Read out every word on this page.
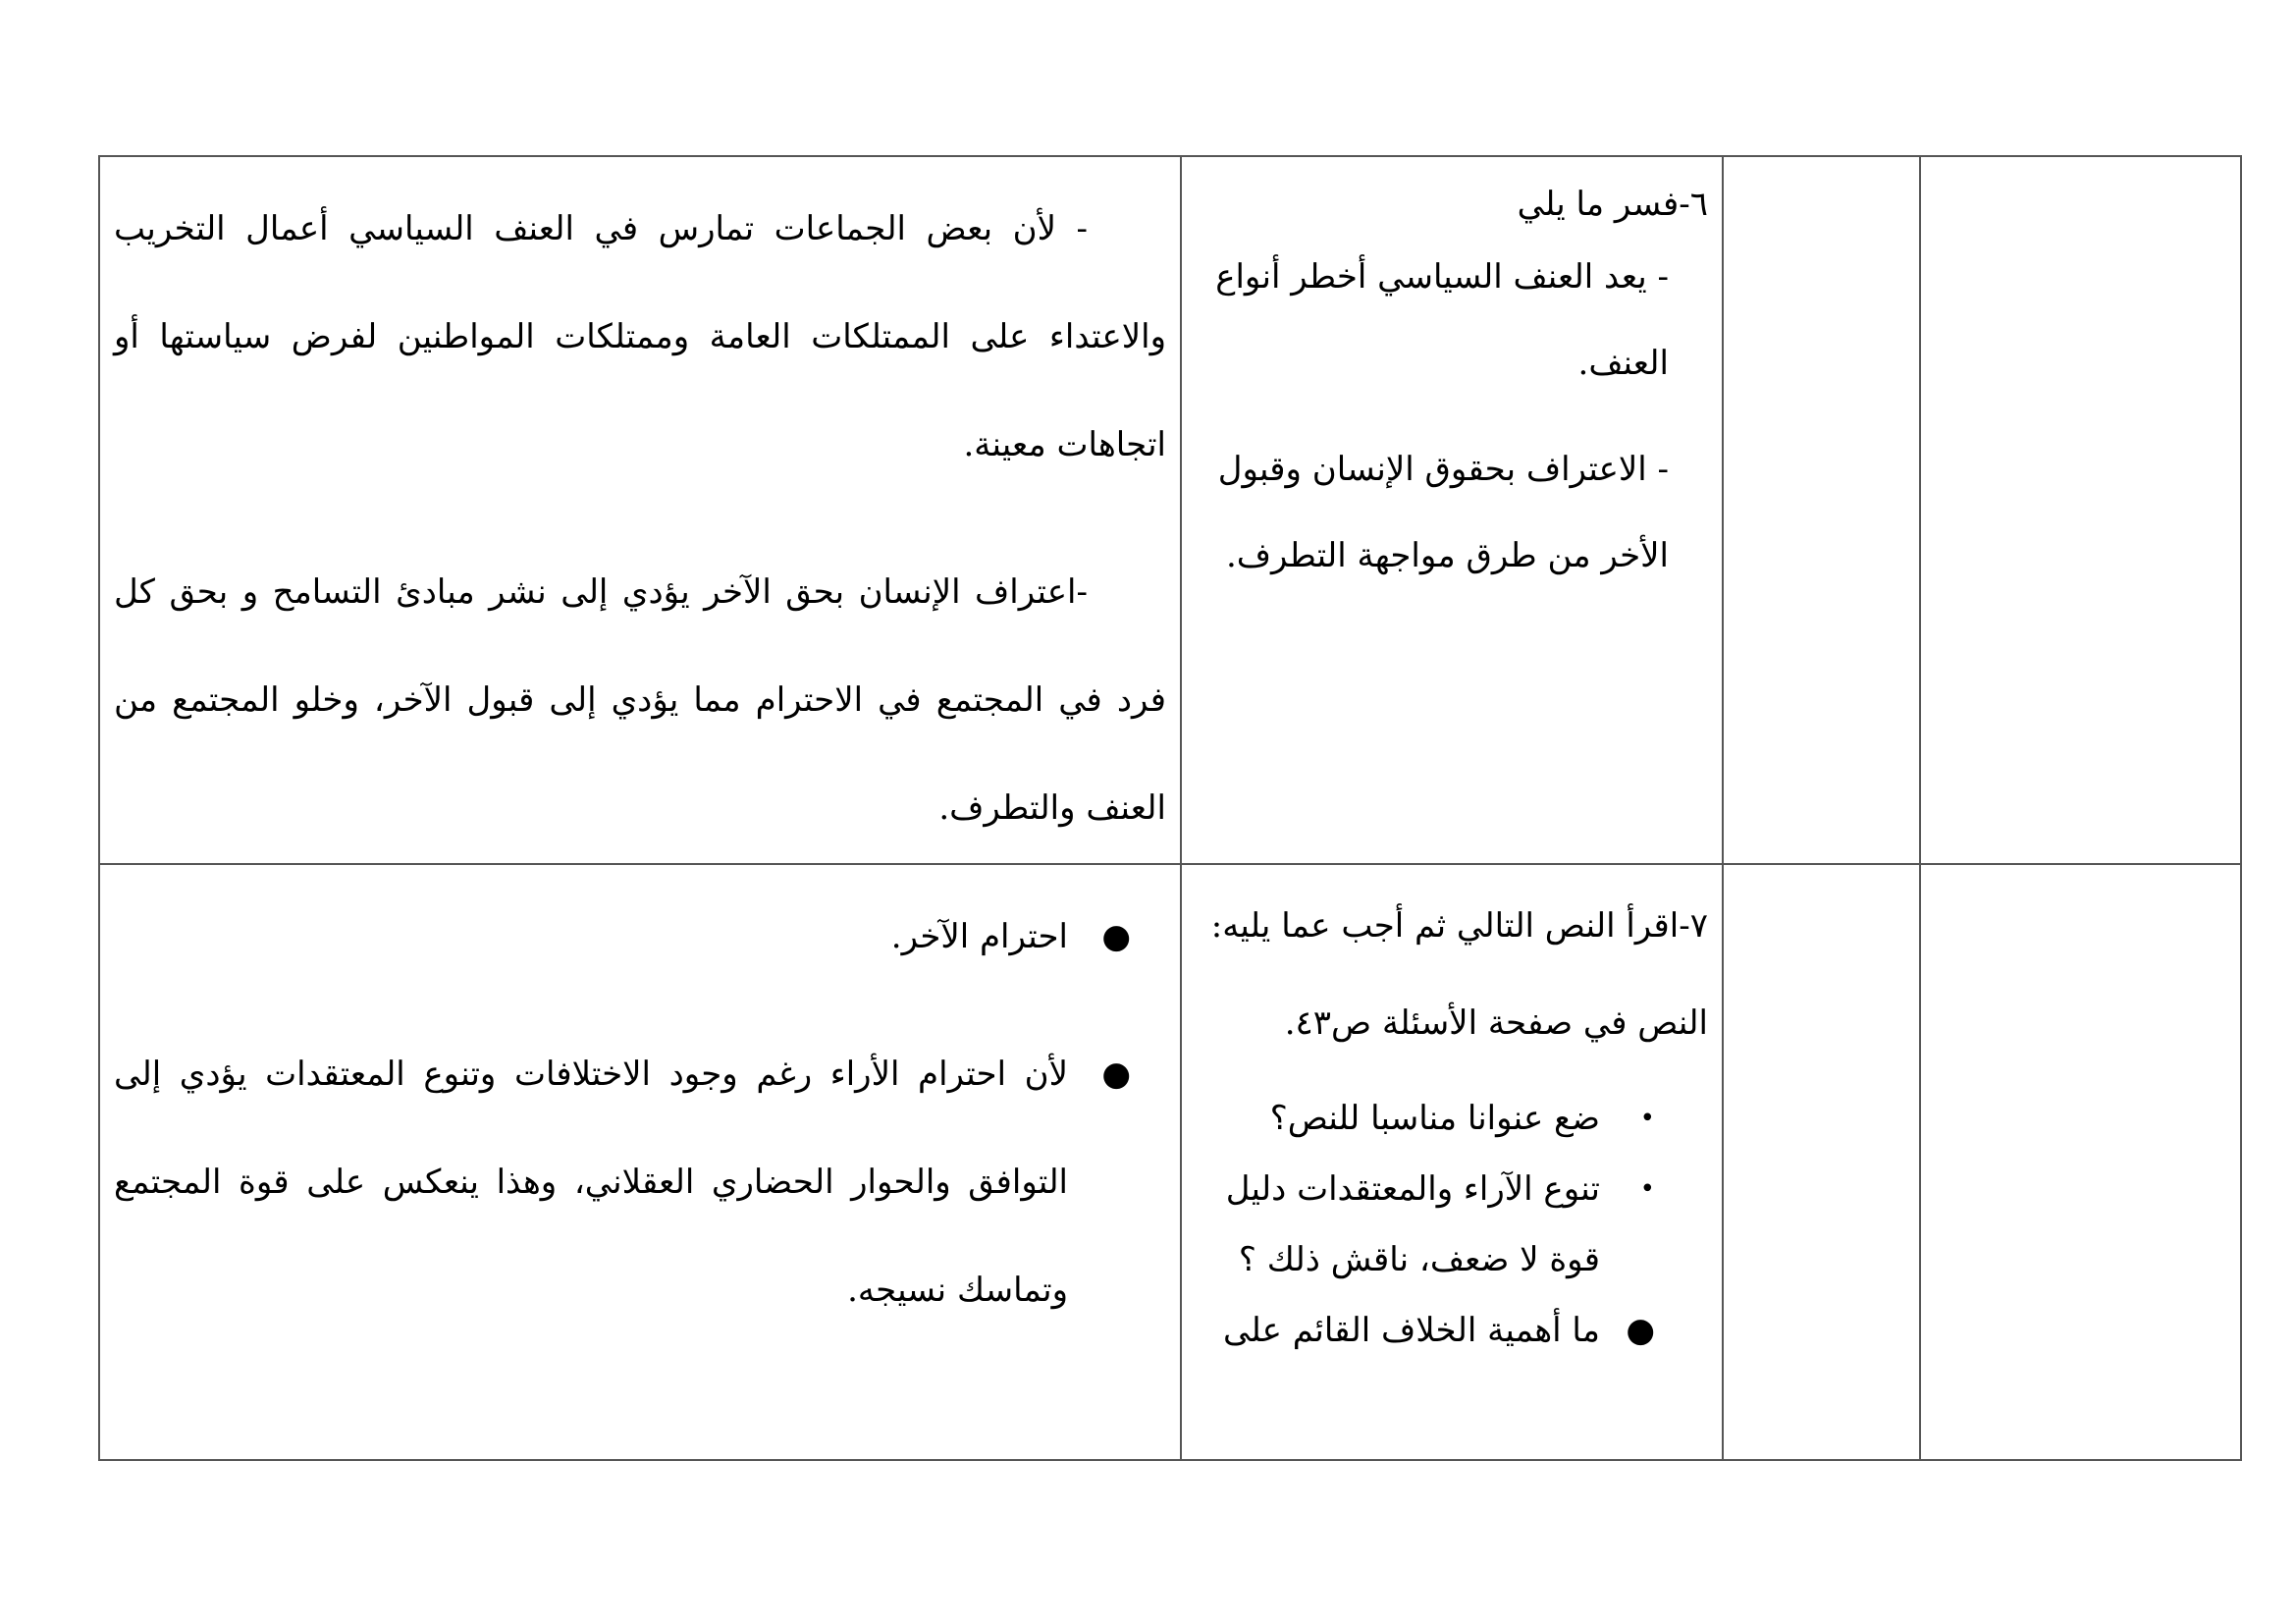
٦-فسر ما يلي

- يعد العنف السياسي أخطر أنواع العنف.

- الاعتراف بحقوق الإنسان وقبول الأخر من طرق مواجهة التطرف.

- لأن بعض الجماعات تمارس في العنف السياسي أعمال التخريب والاعتداء على الممتلكات العامة وممتلكات المواطنين لفرض سياستها أو اتجاهات معينة.

-اعتراف الإنسان بحق الآخر يؤدي إلى نشر مبادئ التسامح و بحق كل فرد في المجتمع في الاحترام مما يؤدي إلى قبول الآخر، وخلو المجتمع من العنف والتطرف.

٧-اقرأ النص التالي ثم أجب عما يليه:

النص في صفحة الأسئلة ص٤٣.

•
ضع عنوانا مناسبا للنص؟
•
تنوع الآراء والمعتقدات دليل قوة لا ضعف، ناقش ذلك ؟
●
ما أهمية الخلاف القائم على
●
احترام الآخر.
●
لأن احترام الأراء رغم وجود الاختلافات وتنوع المعتقدات يؤدي إلى التوافق والحوار الحضاري العقلاني، وهذا ينعكس على قوة المجتمع وتماسك نسيجه.
